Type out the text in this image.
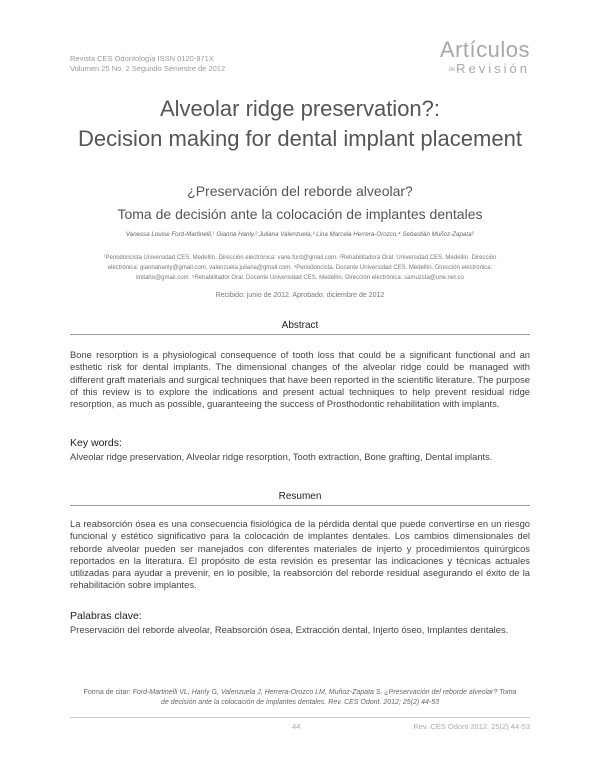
Revista CES Odontología ISSN 0120-971X
Volumen 25 No. 2 Segundo Semestre de 2012
Artículos
deRevisión
Alveolar ridge preservation?:
Decision making for dental implant placement
¿Preservación del reborde alveolar?
Toma de decisión ante la colocación de implantes dentales
Vanessa Louise Ford-Martinelli,¹ Gianna Hanly,² Juliana Valenzuela,³ Lina Marcela Herrera-Orozco,⁴ Sebastián Muñoz-Zapata⁵
¹Periodoncista Universidad CES. Medellín. Dirección electrónica: vane.ford@gmail.com. ²Rehabilitadora Oral. Universidad CES. Medellín. Dirección
electrónica: giannahanly@gmail.com, valenzuela.juliana@gmail.com. ⁴Periodoncista. Docente Universidad CES. Medellín. Dirección electrónica:
linitaho@gmail.com. ⁵Rehabilitador Oral. Docente Universidad CES. Medellín. Dirección electrónica: samuzsta@une.net.co
Recibido: junio de 2012. Aprobado: diciembre de 2012
Abstract
Bone resorption is a physiological consequence of tooth loss that could be a significant functional and an esthetic risk for dental implants. The dimensional changes of the alveolar ridge could be managed with different graft materials and surgical techniques that have been reported in the scientific literature. The purpose of this review is to explore the indications and present actual techniques to help prevent residual ridge resorption, as much as possible, guaranteeing the success of Prosthodontic rehabilitation with implants.
Key words:
Alveolar ridge preservation, Alveolar ridge resorption, Tooth extraction, Bone grafting, Dental implants.
Resumen
La reabsorción ósea es una consecuencia fisiológica de la pérdida dental que puede convertirse en un riesgo funcional y estético significativo para la colocación de implantes dentales. Los cambios dimensionales del reborde alveolar pueden ser manejados con diferentes materiales de injerto y procedimientos quirúrgicos reportados en la literatura. El propósito de esta revisión es presentar las indicaciones y técnicas actuales utilizadas para ayudar a prevenir, en lo posible, la reabsorción del reborde residual asegurando el éxito de la rehabilitación sobre implantes.
Palabras clave:
Preservación del reborde alveolar, Reabsorción ósea, Extracción dental, Injerto óseo, Implantes dentales.
Forma de citar: Ford-Martinelli VL, Hanly G, Valenzuela J, Herrera-Orozco LM, Muñoz-Zapata S. ¿Preservación del reborde alveolar? Toma
de decisión ante la colocación de implantes dentales. Rev. CES Odont. 2012; 25(2) 44-53
44	Rev. CES Odont 2012; 25(2) 44-53
